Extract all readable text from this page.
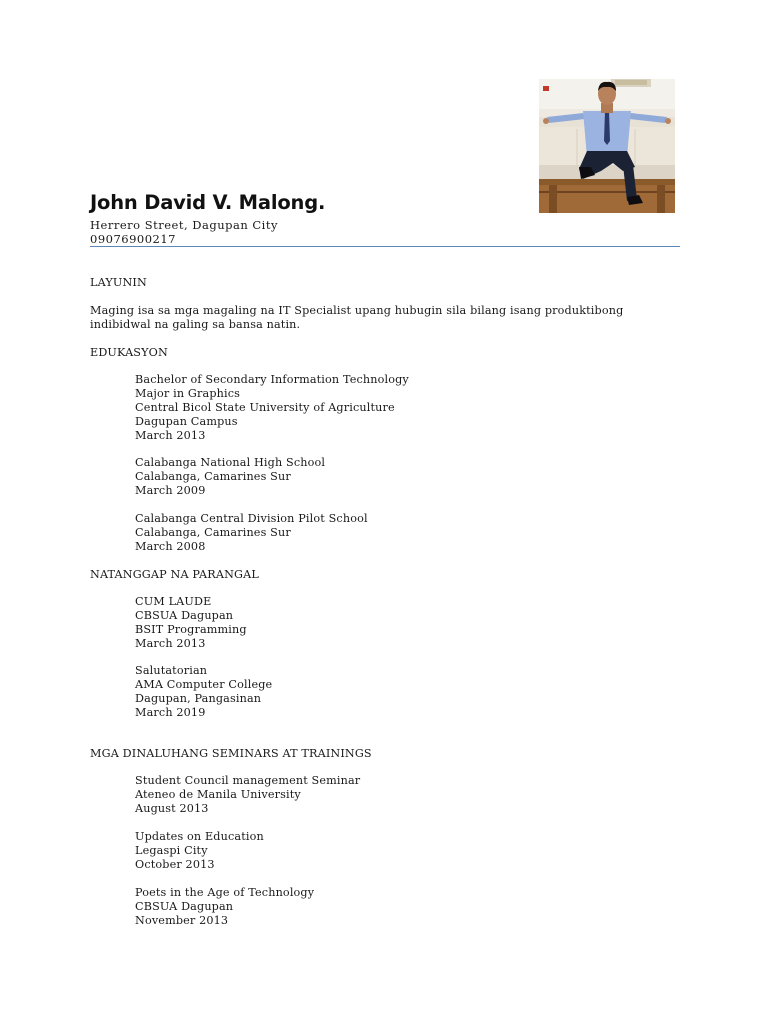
John David V. Malong.
Herrero Street, Dagupan City
09076900217
LAYUNIN
Maging isa sa mga magaling na IT Specialist upang hubugin sila bilang isang produktibong
indibidwal na galing sa bansa natin.
EDUKASYON
Bachelor of Secondary Information Technology
Major in Graphics
Central Bicol State University of Agriculture
Dagupan Campus
March 2013
Calabanga National High School
Calabanga, Camarines Sur
March 2009
Calabanga Central Division Pilot School
Calabanga, Camarines Sur
March 2008
NATANGGAP NA PARANGAL
CUM LAUDE
CBSUA Dagupan
BSIT Programming
March 2013
Salutatorian
AMA Computer College
Dagupan, Pangasinan
March 2019
MGA DINALUHANG SEMINARS AT TRAININGS
Student Council management Seminar
Ateneo de Manila University
August 2013
Updates on Education
Legaspi City
October 2013
Poets in the Age of Technology
CBSUA Dagupan
November 2013
